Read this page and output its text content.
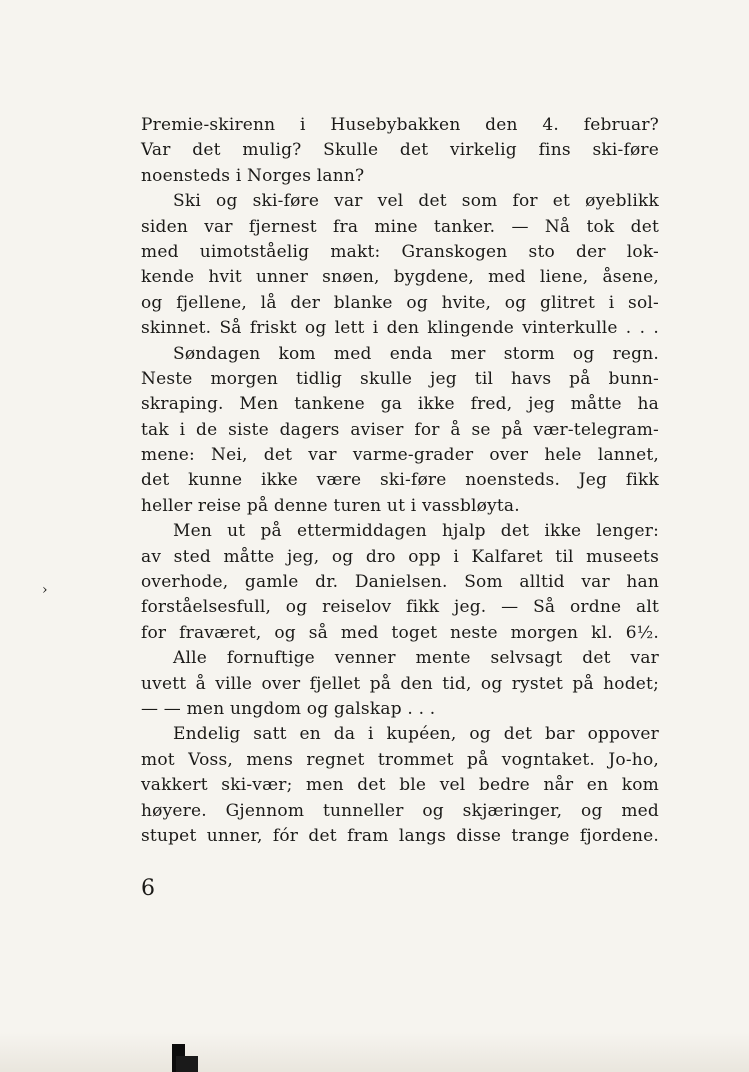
Premie-skirenn i Husebybakken den 4. februar?
Var det mulig? Skulle det virkelig fins ski-føre
noensteds i Norges lann?
Ski og ski-føre var vel det som for et øyeblikk
siden var fjernest fra mine tanker. — Nå tok det
med uimotståelig makt: Granskogen sto der lok-
kende hvit unner snøen, bygdene, med liene, åsene,
og fjellene, lå der blanke og hvite, og glitret i sol-
skinnet. Så friskt og lett i den klingende vinterkulle . . .
Søndagen kom med enda mer storm og regn.
Neste morgen tidlig skulle jeg til havs på bunn-
skraping. Men tankene ga ikke fred, jeg måtte ha
tak i de siste dagers aviser for å se på vær-telegram-
mene: Nei, det var varme-grader over hele lannet,
det kunne ikke være ski-føre noensteds. Jeg fikk
heller reise på denne turen ut i vassbløyta.
Men ut på ettermiddagen hjalp det ikke lenger:
av sted måtte jeg, og dro opp i Kalfaret til museets
overhode, gamle dr. Danielsen. Som alltid var han
forståelsesfull, og reiselov fikk jeg. — Så ordne alt
for fraværet, og så med toget neste morgen kl. 6½.
Alle fornuftige venner mente selvsagt det var
uvett å ville over fjellet på den tid, og rystet på hodet;
— — men ungdom og galskap . . .
Endelig satt en da i kupéen, og det bar oppover
mot Voss, mens regnet trommet på vogntaket. Jo-ho,
vakkert ski-vær; men det ble vel bedre når en kom
høyere. Gjennom tunneller og skjæringer, og med
stupet unner, fór det fram langs disse trange fjordene.
›
6
